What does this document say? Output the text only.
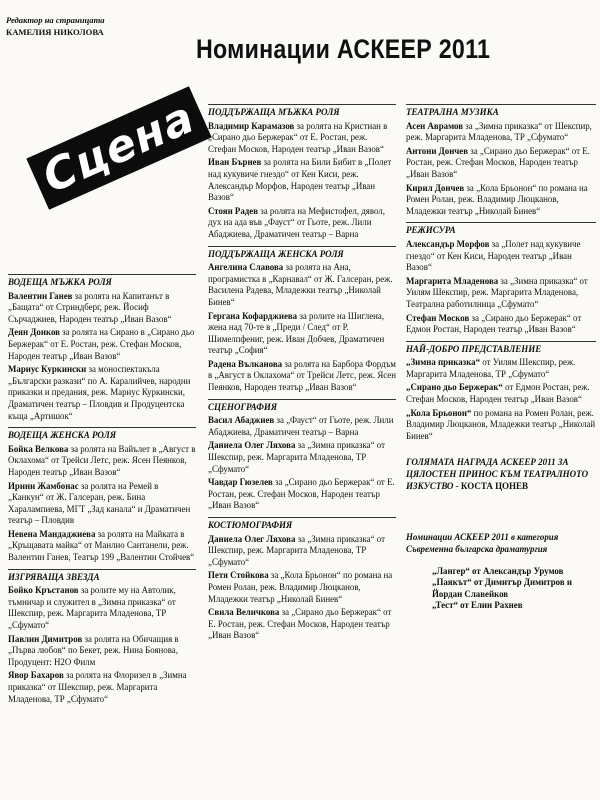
Редактор на страницата
КАМЕЛИЯ НИКОЛОВА
Сцена
Номинации АСКЕЕР 2011
ВОДЕЩА МЪЖКА РОЛЯ
Валентин Ганев за ролята на Капитанът в „Бащата“ от Стриндберг, реж. Йосиф Сърчаджиев, Народен театър „Иван Вазов“
Деян Донков за ролята на Сирано в „Сирано дьо Бержерак“ от Е. Ростан, реж. Стефан Москов, Народен театър „Иван Вазов“
Мариус Куркински за моноспектакъла „Български разкази“ по А. Каралийчев, народни приказки и предания, реж. Мариус Куркински, Драматичен театър – Пловдив и Продуцентска къща „Артишок“
ВОДЕЩА ЖЕНСКА РОЛЯ
Бойка Велкова за ролята на Вайълет в „Август в Оклахома“ от Трейси Летс, реж. Ясен Пеянков, Народен театър „Иван Вазов“
Ирини Жамбонас за ролята на Ремей в „Канкун“ от Ж. Галсеран, реж. Бина Харалампиева, МГТ „Зад канала“ и Драматичен театър – Пловдив
Невена Мандаджиева за ролята на Майката в „Кръщавата майка“ от Манлио Сантанели, реж. Валентин Ганев, Театър 199 „Валентин Стойчев“
ИЗГРЯВАЩА ЗВЕЗДА
Бойко Кръстанов за ролите му на Автолик, тъмничар и служител в „Зимна приказка“ от Шекспир, реж. Маргарита Младенова, ТР „Сфумато“
Павлин Димитров за ролята на Обичащия в „Първа любов“ по Бекет, реж. Нина Боянова, Продуцент: H2O Филм
Явор Бахаров за ролята на Флоризел в „Зимна приказка“ от Шекспир, реж. Маргарита Младенова, ТР „Сфумато“
ПОДДЪРЖАЩА МЪЖКА РОЛЯ
Владимир Карамазов за ролята на Кристиан в „Сирано дьо Бержерак“ от Е. Ростан, реж. Стефан Москов, Народен театър „Иван Вазов“
Иван Бърнев за ролята на Били Бибит в „Полет над кукувиче гнездо“ от Кен Киси, реж. Александър Морфов, Народен театър „Иван Вазов“
Стоян Радев за ролята на Мефистофел, дявол, дух на ада във „Фауст“ от Гьоте, реж. Лили Абаджиева, Драматичен театър – Варна
ПОДДЪРЖАЩА ЖЕНСКА РОЛЯ
Ангелина Славова за ролята на Ана, програмистка в „Карнавал“ от Ж. Галсеран, реж. Василена Радева, Младежки театър „Николай Бинев“
Гергана Кофарджиева за ролите на Шиглена, жена над 70-те в „Преди / След“ от Р. Шимелпфениг, реж. Иван Добчев, Драматичен театър „София“
Радена Вълканова за ролята на Барбора Фордъм в „Август в Оклахома“ от Трейси Летс, реж. Ясен Пеянков, Народен театър „Иван Вазов“
СЦЕНОГРАФИЯ
Васил Абаджиев за „Фауст“ от Гьоте, реж. Лили Абаджиева, Драматичен театър – Варна
Даниела Олег Ляхова за „Зимна приказка“ от Шекспир, реж. Маргарита Младенова, ТР „Сфумато“
Чавдар Гюзелев за „Сирано дьо Бержерак“ от Е. Ростан, реж. Стефан Москов, Народен театър „Иван Вазов“
КОСТЮМОГРАФИЯ
Даниела Олег Ляхова за „Зимна приказка“ от Шекспир, реж. Маргарита Младенова, ТР „Сфумато“
Петя Стойкова за „Кола Брьонон“ по романа на Ромен Ролан, реж. Владимир Люцканов, Младежки театър „Николай Бинев“
Свила Величкова за „Сирано дьо Бержерак“ от Е. Ростан, реж. Стефан Москов, Народен театър „Иван Вазов“
ТЕАТРАЛНА МУЗИКА
Асен Аврамов за „Зимна приказка“ от Шекспир, реж. Маргарита Младенова, ТР „Сфумато“
Антони Дончев за „Сирано дьо Бержерак“ от Е. Ростан, реж. Стефан Москов, Народен театър „Иван Вазов“
Кирил Дончев за „Кола Брьонон“ по романа на Ромен Ролан, реж. Владимир Люцканов, Младежки театър „Николай Бинев“
РЕЖИСУРА
Александър Морфов за „Полет над кукувиче гнездо“ от Кен Киси, Народен театър „Иван Вазов“
Маргарита Младенова за „Зимна приказка“ от Уилям Шекспир, реж. Маргарита Младенова, Театрална работилница „Сфумато“
Стефан Москов за „Сирано дьо Бержерак“ от Едмон Ростан, Народен театър „Иван Вазов“
НАЙ-ДОБРО ПРЕДСТАВЛЕНИЕ
„Зимна приказка“ от Уилям Шекспир, реж. Маргарита Младенова, ТР „Сфумато“
„Сирано дьо Бержерак“ от Едмон Ростан, реж. Стефан Москов, Народен театър „Иван Вазов“
„Кола Брьонон“ по романа на Ромен Ролан, реж. Владимир Люцканов, Младежки театър „Николай Бинев“
ГОЛЯМАТА НАГРАДА АСКЕЕР 2011 ЗА ЦЯЛОСТЕН ПРИНОС КЪМ ТЕАТРАЛНОТО ИЗКУСТВО - КОСТА ЦОНЕВ
Номинации АСКЕЕР 2011 в категория Съвременна българска драматургия
„Лангер“ от Александър Урумов
„Паякът“ от Димитър Димитров и Йордан Славейков
„Тест“ от Елин Рахнев
